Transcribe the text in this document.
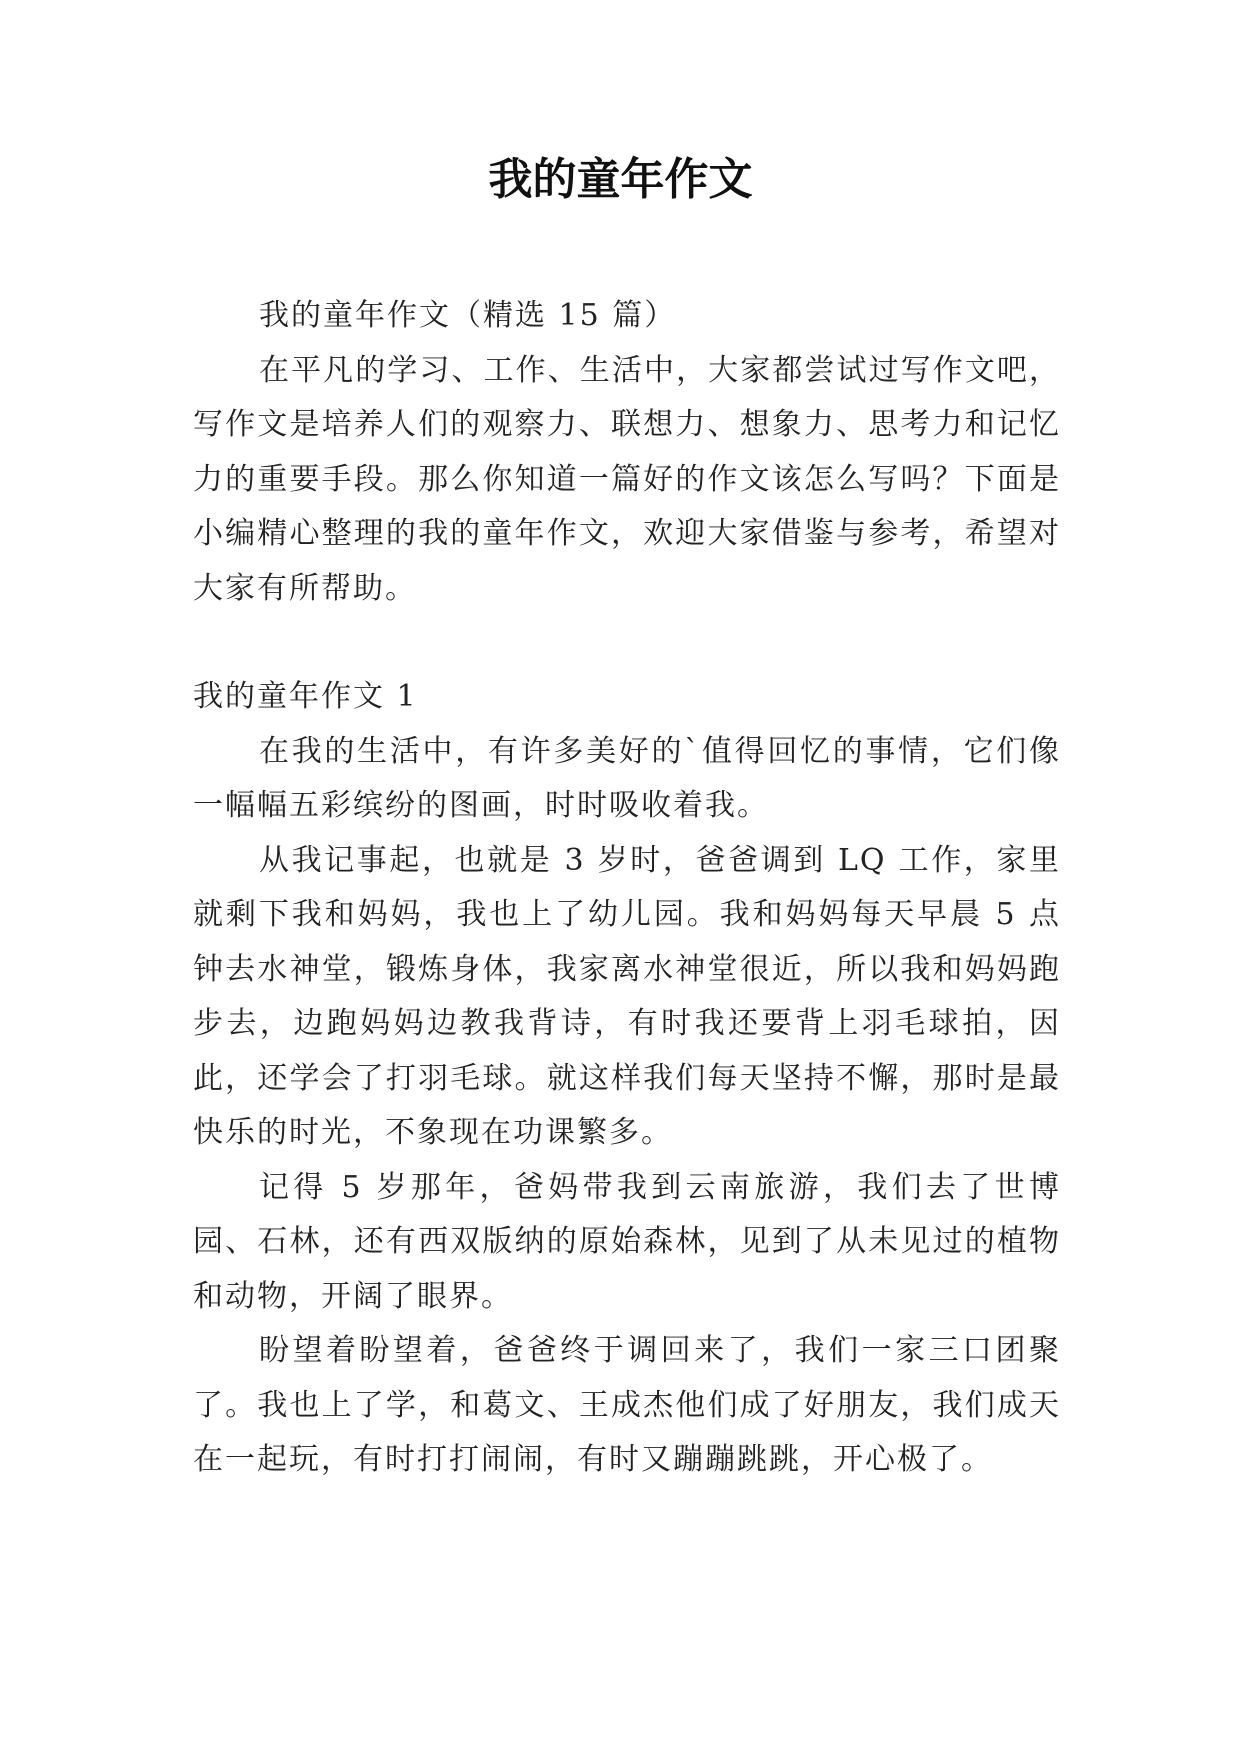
我的童年作文

我的童年作文（精选 15 篇）

在平凡的学习、工作、生活中，大家都尝试过写作文吧，写作文是培养人们的观察力、联想力、想象力、思考力和记忆力的重要手段。那么你知道一篇好的作文该怎么写吗？下面是小编精心整理的我的童年作文，欢迎大家借鉴与参考，希望对大家有所帮助。

我的童年作文 1

在我的生活中，有许多美好的`值得回忆的事情，它们像一幅幅五彩缤纷的图画，时时吸收着我。

从我记事起，也就是 3 岁时，爸爸调到 LQ 工作，家里就剩下我和妈妈，我也上了幼儿园。我和妈妈每天早晨 5 点钟去水神堂，锻炼身体，我家离水神堂很近，所以我和妈妈跑步去，边跑妈妈边教我背诗，有时我还要背上羽毛球拍，因此，还学会了打羽毛球。就这样我们每天坚持不懈，那时是最快乐的时光，不象现在功课繁多。

记得 5 岁那年，爸妈带我到云南旅游，我们去了世博园、石林，还有西双版纳的原始森林，见到了从未见过的植物和动物，开阔了眼界。

盼望着盼望着，爸爸终于调回来了，我们一家三口团聚了。我也上了学，和葛文、王成杰他们成了好朋友，我们成天在一起玩，有时打打闹闹，有时又蹦蹦跳跳，开心极了。
